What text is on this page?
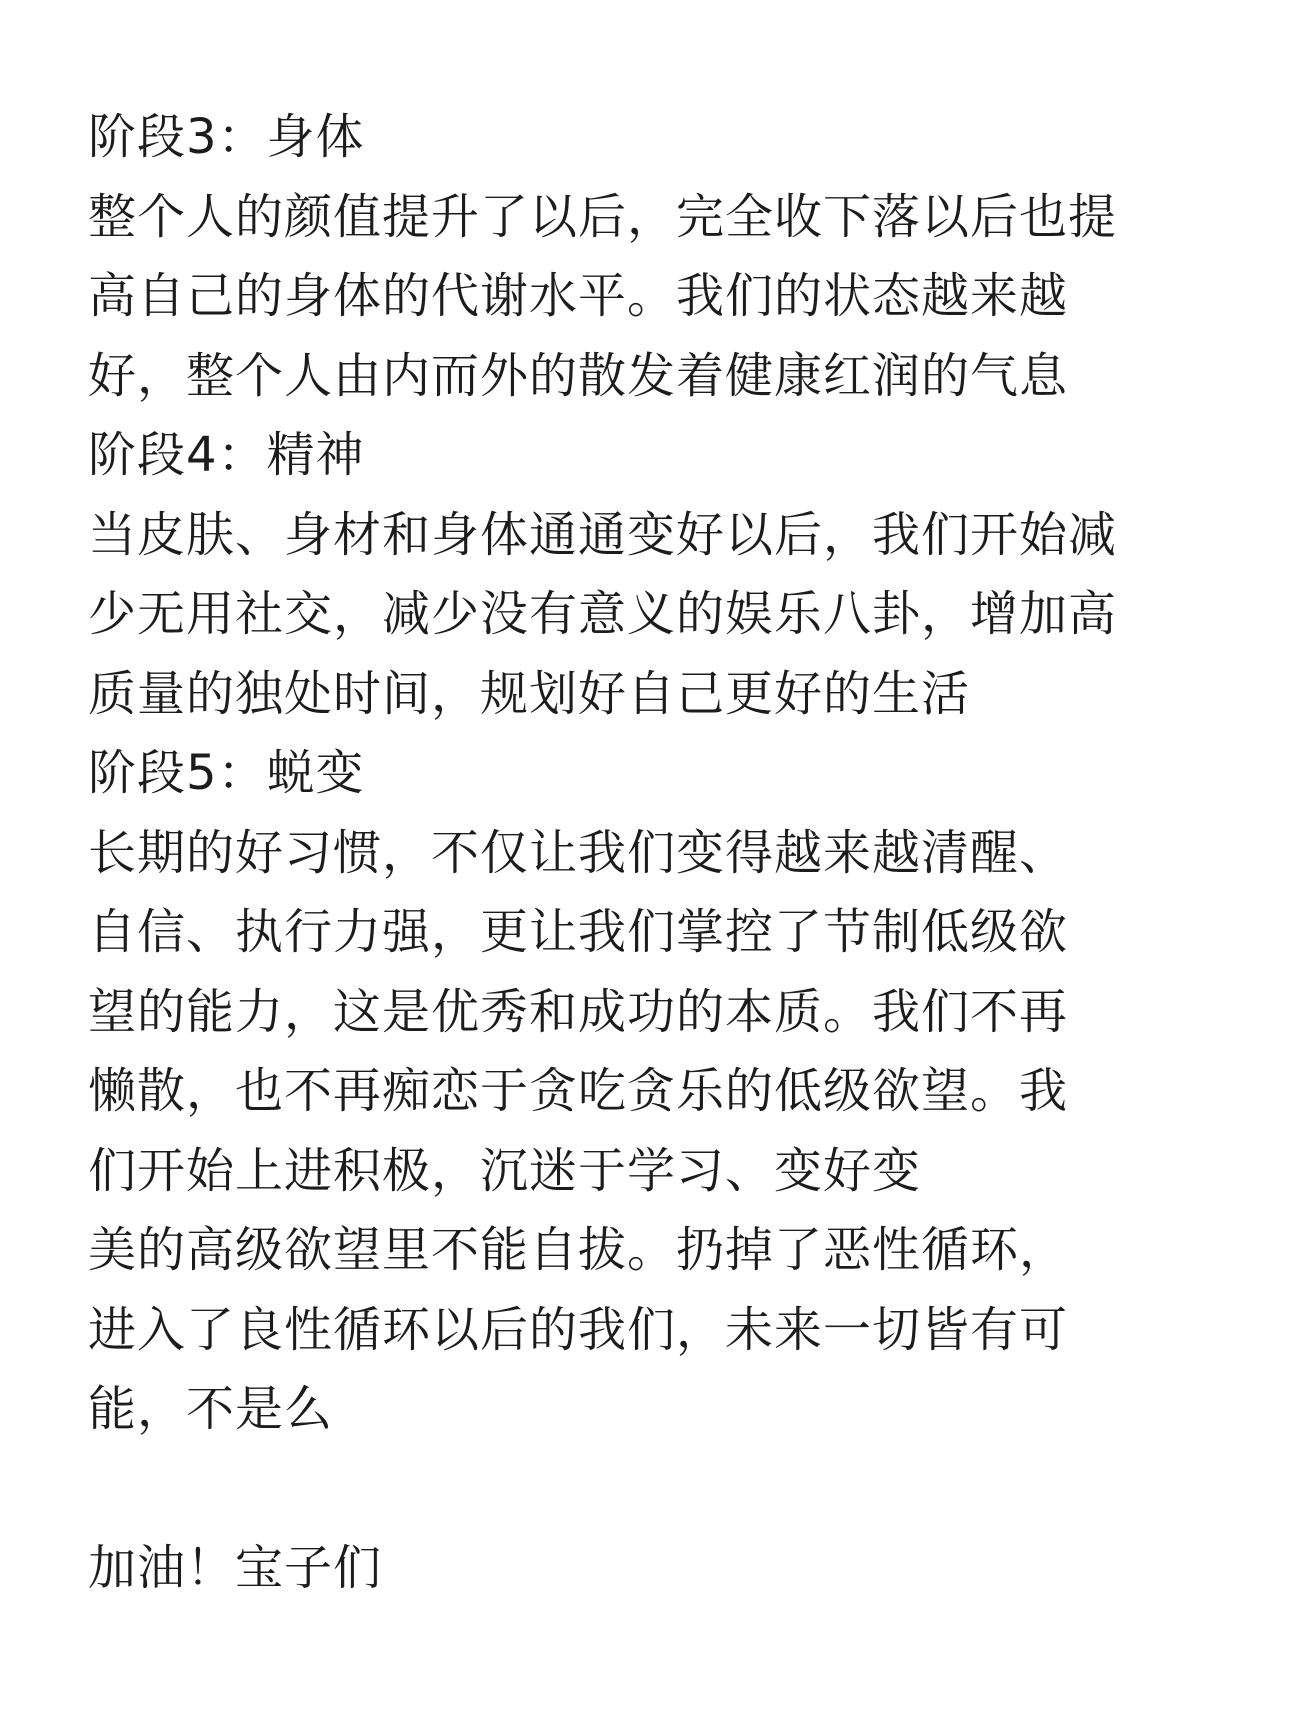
阶段3：身体
整个人的颜值提升了以后，完全收下落以后也提
高自己的身体的代谢水平。我们的状态越来越
好，整个人由内而外的散发着健康红润的气息
阶段4：精神
当皮肤、身材和身体通通变好以后，我们开始减
少无用社交，减少没有意义的娱乐八卦，增加高
质量的独处时间，规划好自己更好的生活
阶段5：蜕变
长期的好习惯，不仅让我们变得越来越清醒、
自信、执行力强，更让我们掌控了节制低级欲
望的能力，这是优秀和成功的本质。我们不再
懒散，也不再痴恋于贪吃贪乐的低级欲望。我
们开始上进积极，沉迷于学习、变好变
美的高级欲望里不能自拔。扔掉了恶性循环，
进入了良性循环以后的我们，未来一切皆有可
能，不是么
加油！宝子们
